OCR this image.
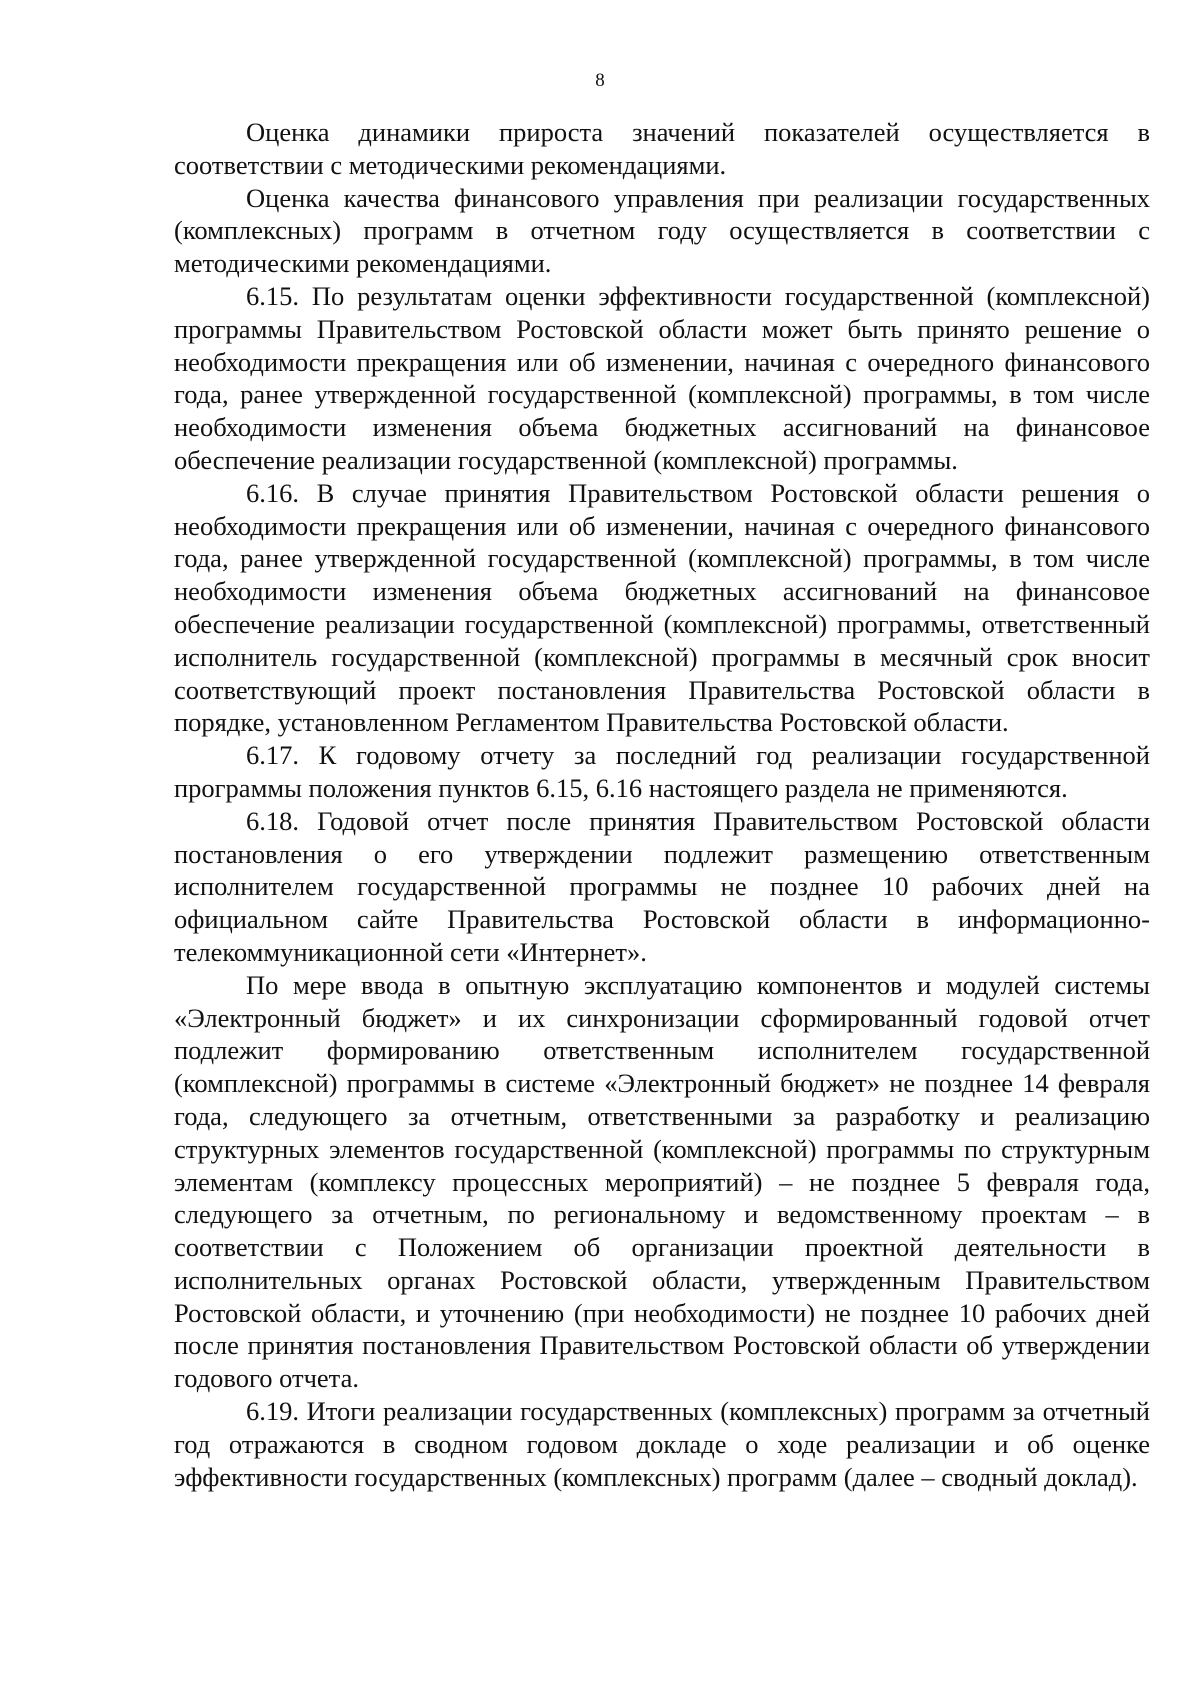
8

Оценка динамики прироста значений показателей осуществляется в соответствии с методическими рекомендациями.

Оценка качества финансового управления при реализации государственных (комплексных) программ в отчетном году осуществляется в соответствии с методическими рекомендациями.

6.15. По результатам оценки эффективности государственной (комплексной) программы Правительством Ростовской области может быть принято решение о необходимости прекращения или об изменении, начиная с очередного финансового года, ранее утвержденной государственной (комплексной) программы, в том числе необходимости изменения объема бюджетных ассигнований на финансовое обеспечение реализации государственной (комплексной) программы.

6.16. В случае принятия Правительством Ростовской области решения о необходимости прекращения или об изменении, начиная с очередного финансового года, ранее утвержденной государственной (комплексной) программы, в том числе необходимости изменения объема бюджетных ассигнований на финансовое обеспечение реализации государственной (комплексной) программы, ответственный исполнитель государственной (комплексной) программы в месячный срок вносит соответствующий проект постановления Правительства Ростовской области в порядке, установленном Регламентом Правительства Ростовской области.

6.17. К годовому отчету за последний год реализации государственной программы положения пунктов 6.15, 6.16 настоящего раздела не применяются.

6.18. Годовой отчет после принятия Правительством Ростовской области постановления о его утверждении подлежит размещению ответственным исполнителем государственной программы не позднее 10 рабочих дней на официальном сайте Правительства Ростовской области в информационно-телекоммуникационной сети «Интернет».

По мере ввода в опытную эксплуатацию компонентов и модулей системы «Электронный бюджет» и их синхронизации сформированный годовой отчет подлежит формированию ответственным исполнителем государственной (комплексной) программы в системе «Электронный бюджет» не позднее 14 февраля года, следующего за отчетным, ответственными за разработку и реализацию структурных элементов государственной (комплексной) программы по структурным элементам (комплексу процессных мероприятий) – не позднее 5 февраля года, следующего за отчетным, по региональному и ведомственному проектам – в соответствии с Положением об организации проектной деятельности в исполнительных органах Ростовской области, утвержденным Правительством Ростовской области, и уточнению (при необходимости) не позднее 10 рабочих дней после принятия постановления Правительством Ростовской области об утверждении годового отчета.

6.19. Итоги реализации государственных (комплексных) программ за отчетный год отражаются в сводном годовом докладе о ходе реализации и об оценке эффективности государственных (комплексных) программ (далее – сводный доклад).
